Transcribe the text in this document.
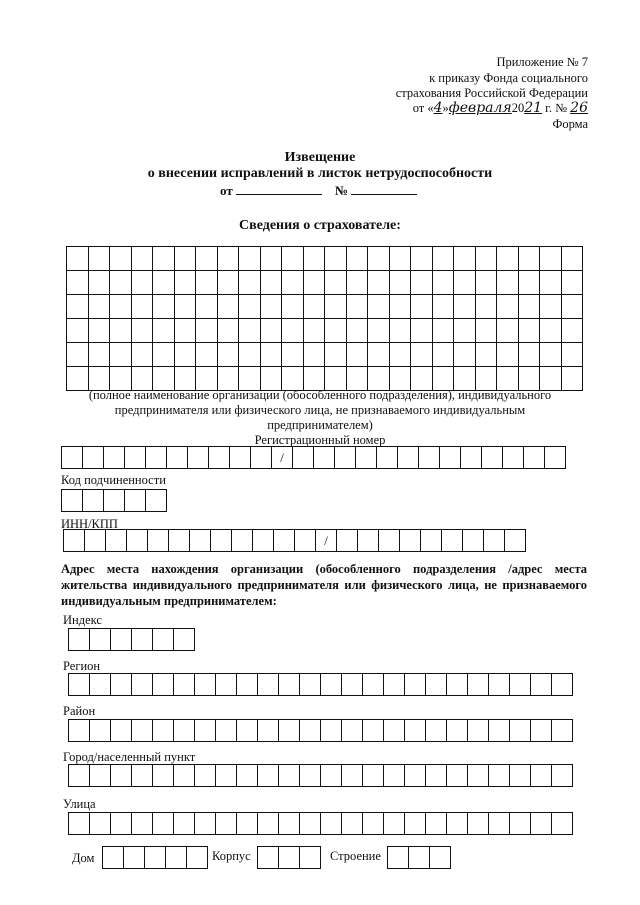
Приложение № 7
к приказу Фонда социального
страхования Российской Федерации
от «4»февраля2021 г. № 26
Форма
Извещение
о внесении исправлений в листок нетрудоспособности
от	№
Сведения о страхователе:
(полное наименование организации (обособленного подразделения), индивидуального
предпринимателя или физического лица, не признаваемого индивидуальным
предпринимателем)
Регистрационный номер
/
Код подчиненности
ИНН/КПП
/
Адрес места нахождения организации (обособленного подразделения /адрес места
жительства индивидуального предпринимателя или физического лица, не признаваемого
индивидуальным предпринимателем:
Индекс
Регион
Район
Город/населенный пункт
Улица
Дом	Корпус	Строение
